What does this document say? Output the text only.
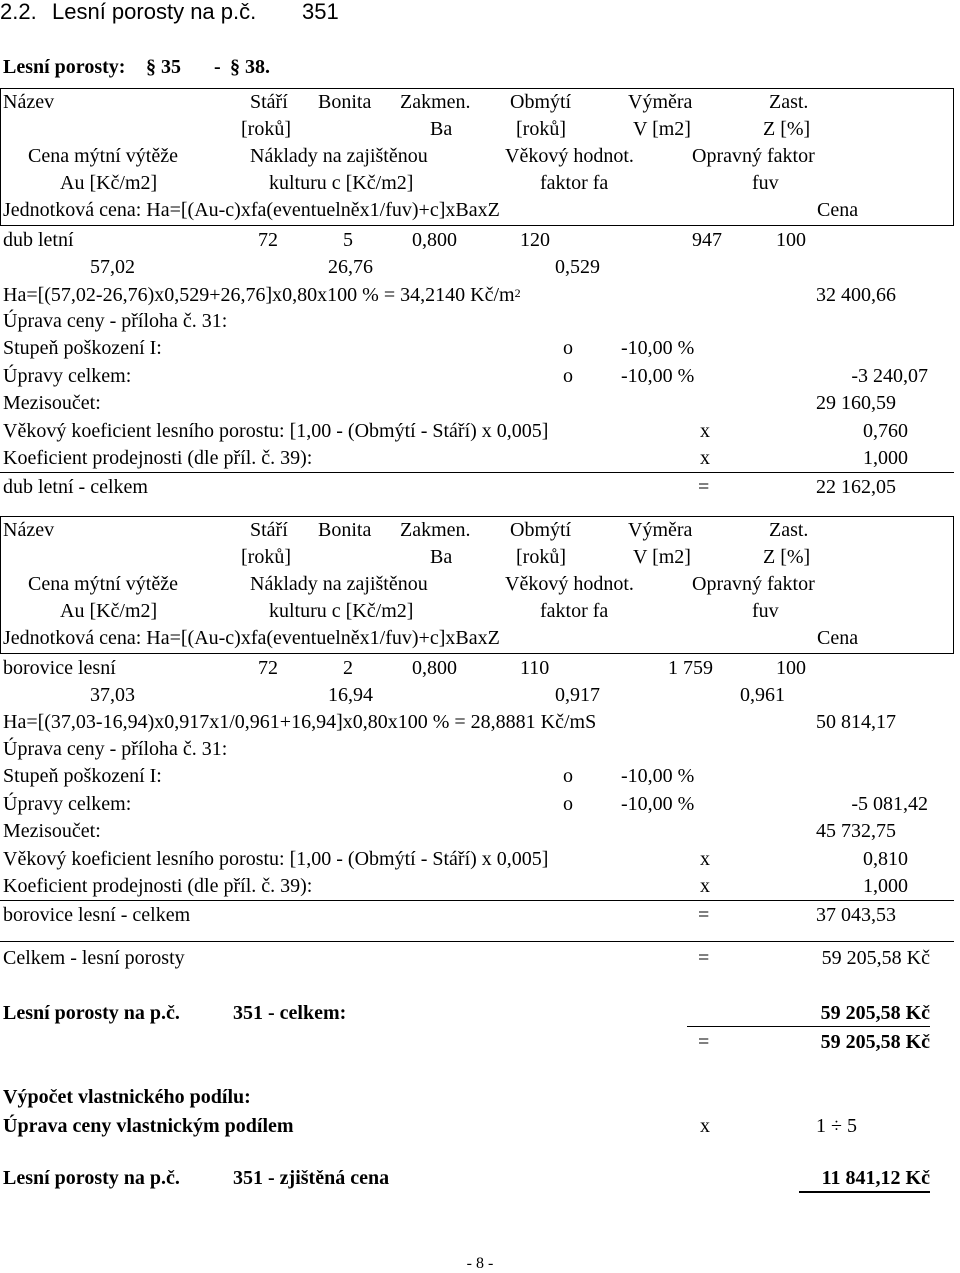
2.2. Lesní porosty na p.č. 351
Lesní porosty: § 35 - § 38.
Název	Stáří Bonita Zakmen. Obmýtí	Výměra	Zast.
[roků]	Ba	[roků]	V [m2]	Z [%]
Cena mýtní výtěže	Náklady na zajištěnou	Věkový hodnot.	Opravný faktor
Au [Kč/m2]	kulturu c [Kč/m2]	faktor fa	fuv
Jednotková cena: Ha=[(Au-c)xfa(eventuelněx1/fuv)+c]xBaxZ	Cena
dub letní	72	5	0,800	120	947	100
57,02	26,76	0,529
Ha=[(57,02-26,76)x0,529+26,76]x0,80x100 % = 34,2140 $Kč/m^2$	32 400,66
Úprava ceny - příloha č. 31:
Stupeň poškození I:	o -10,00 %
Úpravy celkem:	o -10,00 %	-3 240,07
Mezisoučet:	29 160,59
Věkový koeficient lesního porostu: [1,00 - (Obmýtí - Stáří) x 0,005]	x	0,760
Koeficient prodejnosti (dle příl. č. 39):	x	1,000
dub letní - celkem	=	22 162,05
Název	Stáří Bonita Zakmen. Obmýtí	Výměra	Zast.
[roků]	Ba	[roků]	V [m2]	Z [%]
Cena mýtní výtěže	Náklady na zajištěnou	Věkový hodnot.	Opravný faktor
Au [Kč/m2]	kulturu c [Kč/m2]	faktor fa	fuv
Jednotková cena: Ha=[(Au-c)xfa(eventuelněx1/fuv)+c]xBaxZ	Cena
borovice lesní	72	2	0,800	110	1 759	100
37,03	16,94	0,917	0,961
Ha=[(37,03-16,94)x0,917x1/0,961+16,94]x0,80x100 % = 28,8881 Kč/mS	50 814,17
Úprava ceny - příloha č. 31:
Stupeň poškození I:	o -10,00 %
Úpravy celkem:	o -10,00 %	-5 081,42
Mezisoučet:	45 732,75
Věkový koeficient lesního porostu: [1,00 - (Obmýtí - Stáří) x 0,005]	x	0,810
Koeficient prodejnosti (dle příl. č. 39):	x	1,000
borovice lesní - celkem	=	37 043,53
Celkem - lesní porosty	=	59 205,58 Kč
Lesní porosty na p.č.	351 - celkem:	59 205,58 Kč
=	59 205,58 Kč
Výpočet vlastnického podílu:
Úprava ceny vlastnickým podílem	x	1 ÷ 5
Lesní porosty na p.č.	351 - zjištěná cena	11 841,12 Kč
- 8 -
